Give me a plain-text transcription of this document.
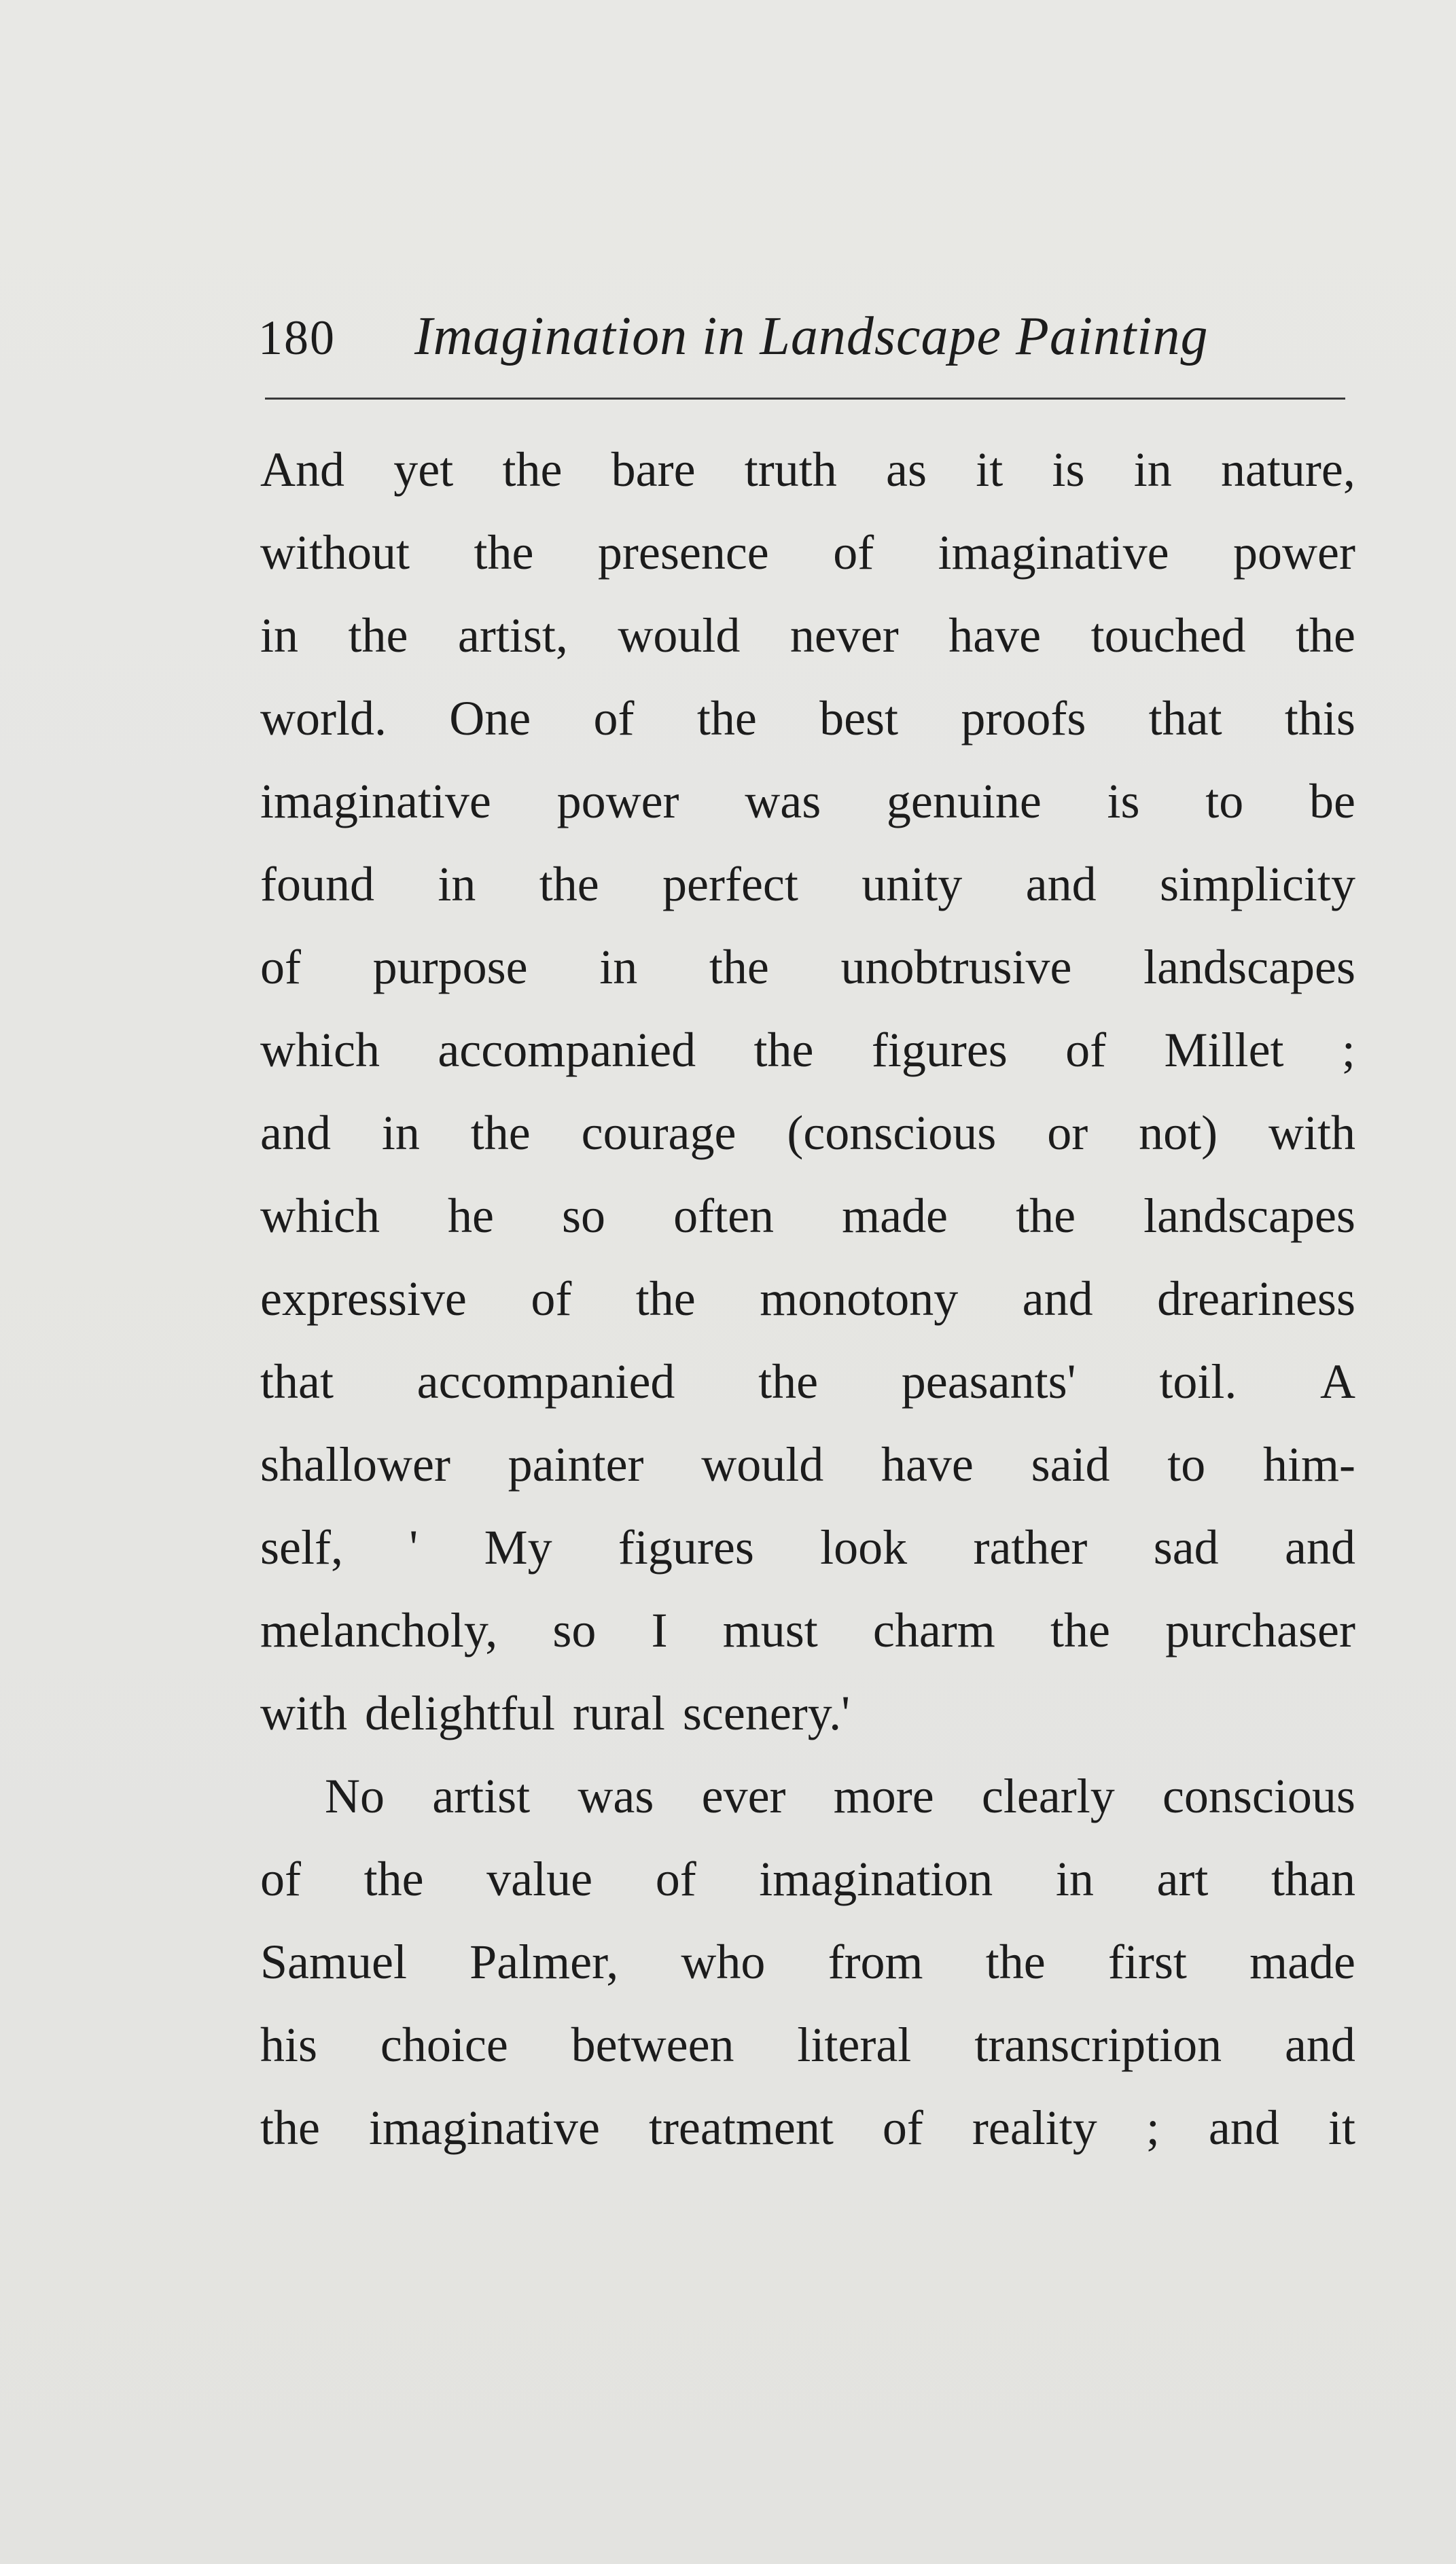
180 Imagination in Landscape Painting
And yet the bare truth as it is in nature,
without the presence of imaginative power
in the artist, would never have touched the
world. One of the best proofs that this
imaginative power was genuine is to be
found in the perfect unity and simplicity
of purpose in the unobtrusive landscapes
which accompanied the figures of Millet ;
and in the courage (conscious or not) with
which he so often made the landscapes
expressive of the monotony and dreariness
that accompanied the peasants' toil. A
shallower painter would have said to him-
self, ' My figures look rather sad and
melancholy, so I must charm the purchaser
with delightful rural scenery.'
No artist was ever more clearly conscious
of the value of imagination in art than
Samuel Palmer, who from the first made
his choice between literal transcription and
the imaginative treatment of reality ; and it
